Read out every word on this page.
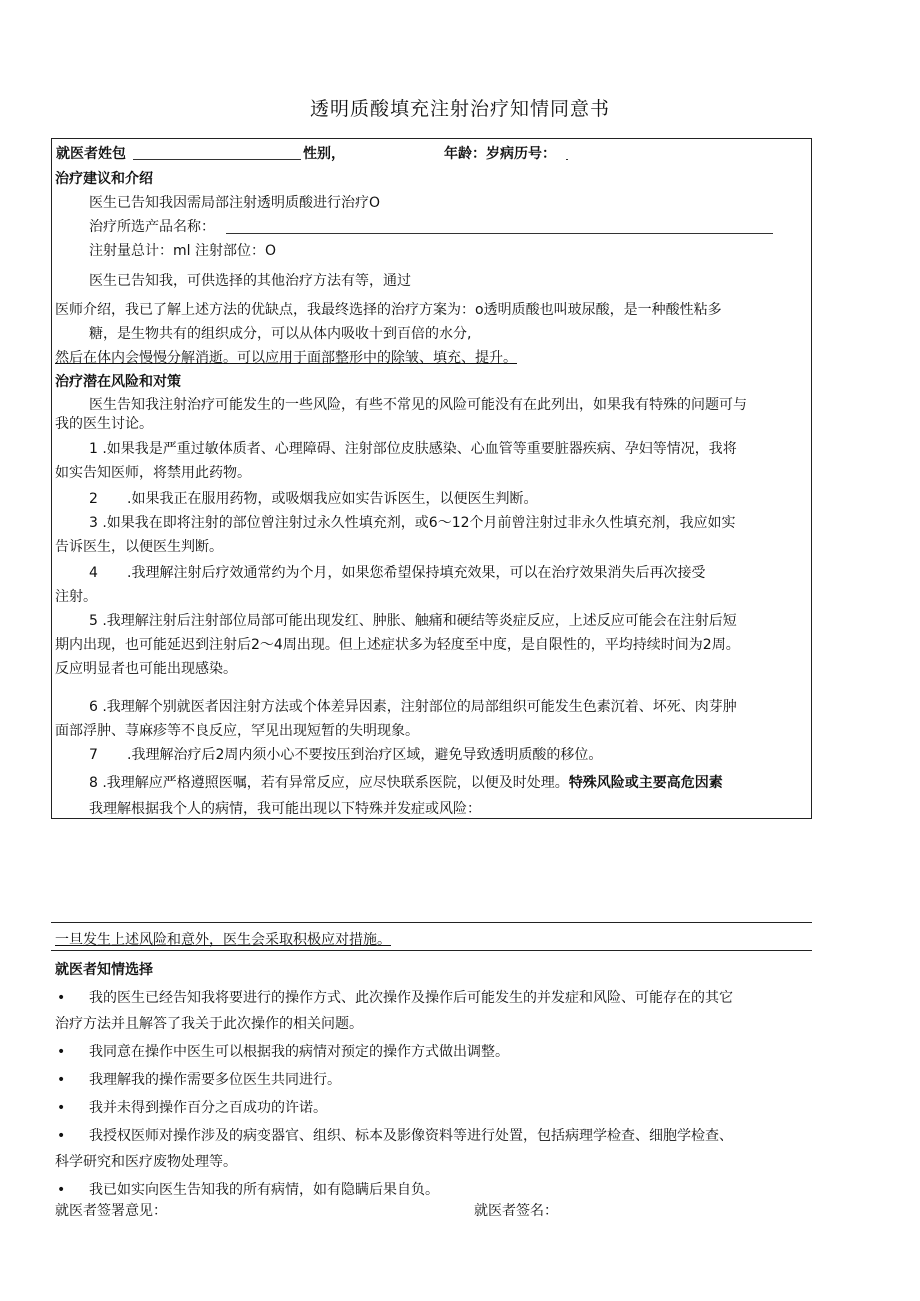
透明质酸填充注射治疗知情同意书
就医者姓包	性别，	年龄：岁病历号：
治疗建议和介绍
医生已告知我因需局部注射透明质酸进行治疗O
治疗所选产品名称：
注射量总计：ml 注射部位：O
医生已告知我，可供选择的其他治疗方法有等，通过
医师介绍，我已了解上述方法的优缺点，我最终选择的治疗方案为：o透明质酸也叫玻尿酸，是一种酸性粘多
糖，是生物共有的组织成分，可以从体内吸收十到百倍的水分,
然后在体内会慢慢分解消逝。可以应用于面部整形中的除皱、填充、提升。
治疗潜在风险和对策
医生告知我注射治疗可能发生的一些风险，有些不常见的风险可能没有在此列出，如果我有特殊的问题可与
我的医生讨论。
1 .如果我是严重过敏体质者、心理障碍、注射部位皮肤感染、心血管等重要脏器疾病、孕妇等情况，我将
如实告知医师，将禁用此药物。
2 .如果我正在服用药物，或吸烟我应如实告诉医生，以便医生判断。
3 .如果我在即将注射的部位曾注射过永久性填充剂，或6〜12个月前曾注射过非永久性填充剂，我应如实
告诉医生，以便医生判断。
4 .我理解注射后疗效通常约为个月，如果您希望保持填充效果，可以在治疗效果消失后再次接受
注射。
5 .我理解注射后注射部位局部可能出现发红、肿胀、触痛和硬结等炎症反应，上述反应可能会在注射后短
期内出现，也可能延迟到注射后2〜4周出现。但上述症状多为轻度至中度，是自限性的，平均持续时间为2周。
反应明显者也可能出现感染。
6 .我理解个别就医者因注射方法或个体差异因素，注射部位的局部组织可能发生色素沉着、坏死、肉芽肿
面部浮肿、荨麻疹等不良反应，罕见出现短暂的失明现象。
7 .我理解治疗后2周内须小心不要按压到治疗区域，避免导致透明质酸的移位。
8 .我理解应严格遵照医嘱，若有异常反应，应尽快联系医院，以便及时处理。特殊风险或主要高危因素
我理解根据我个人的病情，我可能出现以下特殊并发症或风险：
一旦发生上述风险和意外，医生会采取积极应对措施。
就医者知情选择
• 我的医生已经告知我将要进行的操作方式、此次操作及操作后可能发生的并发症和风险、可能存在的其它
治疗方法并且解答了我关于此次操作的相关问题。
• 我同意在操作中医生可以根据我的病情对预定的操作方式做出调整。
• 我理解我的操作需要多位医生共同进行。
• 我并未得到操作百分之百成功的许诺。
• 我授权医师对操作涉及的病变器官、组织、标本及影像资料等进行处置，包括病理学检查、细胞学检查、
科学研究和医疗废物处理等。
• 我已如实向医生告知我的所有病情，如有隐瞒后果自负。
就医者签署意见：	就医者签名：
